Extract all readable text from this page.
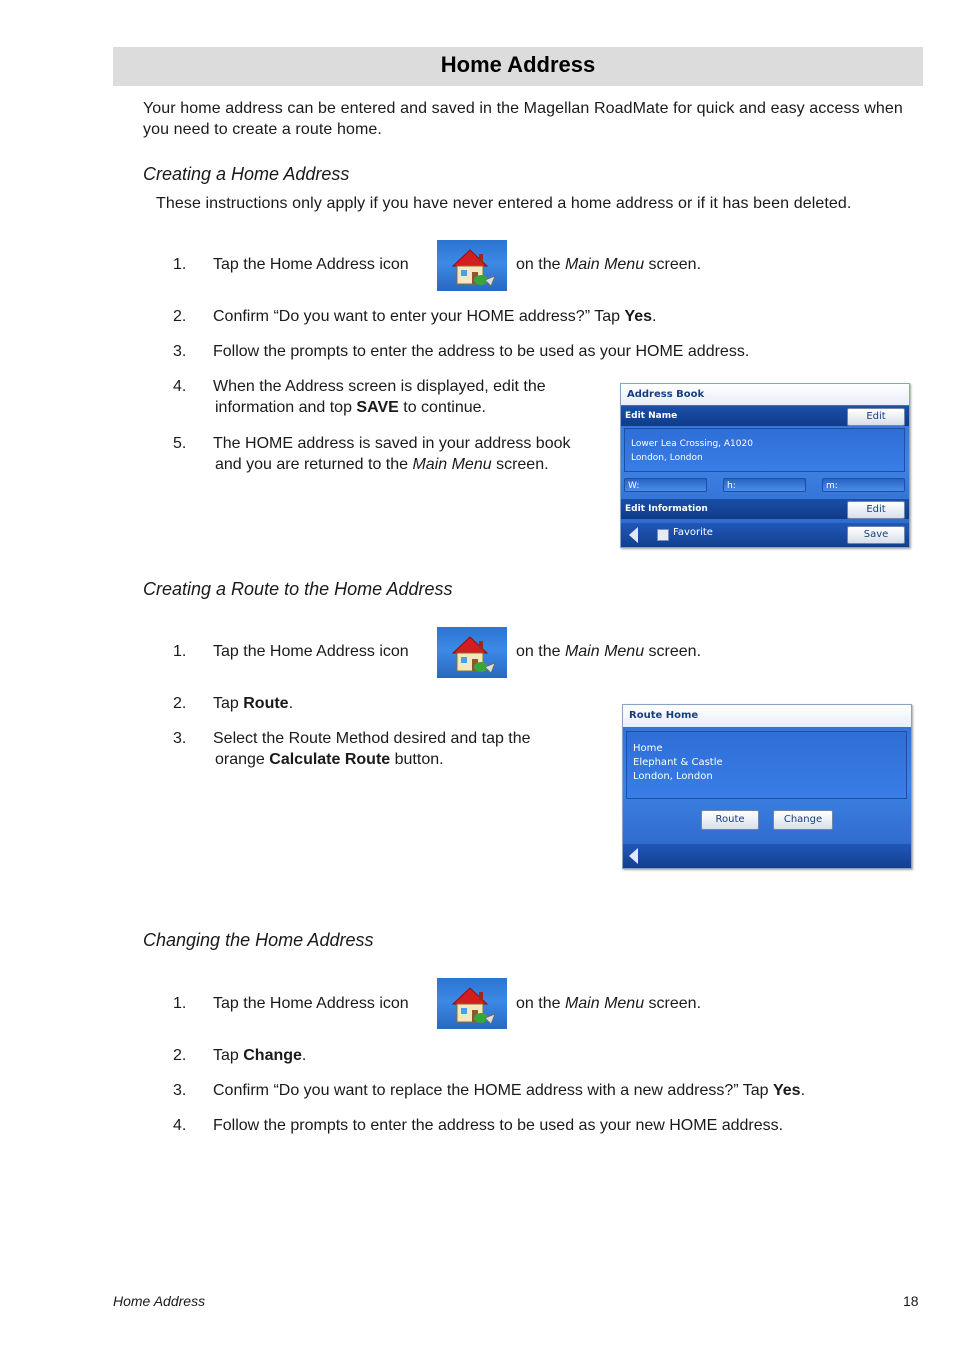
Home Address
Your home address can be entered and saved in the Magellan RoadMate for quick and easy access when you need to create a route home.
Creating a Home Address
These instructions only apply if you have never entered a home address or if it has been deleted.
1. Tap the Home Address icon	on the Main Menu screen.
2. Confirm “Do you want to enter your HOME address?” Tap Yes.
3. Follow the prompts to enter the address to be used as your HOME address.
4. When the Address screen is displayed, edit the
information and top SAVE to continue.
5. The HOME address is saved in your address book
and you are returned to the Main Menu screen.
Address Book
Edit Name	Edit
Lower Lea Crossing, A1020
London, London
W:	h:	m:
Edit Information	Edit
Favorite	Save
Creating a Route to the Home Address
1. Tap the Home Address icon	on the Main Menu screen.
2. Tap Route.
3. Select the Route Method desired and tap the
orange Calculate Route button.
Route Home
Home
Elephant & Castle
London, London
Route	Change
Changing the Home Address
1. Tap the Home Address icon	on the Main Menu screen.
2. Tap Change.
3. Confirm “Do you want to replace the HOME address with a new address?” Tap Yes.
4. Follow the prompts to enter the address to be used as your new HOME address.
Home Address	18
